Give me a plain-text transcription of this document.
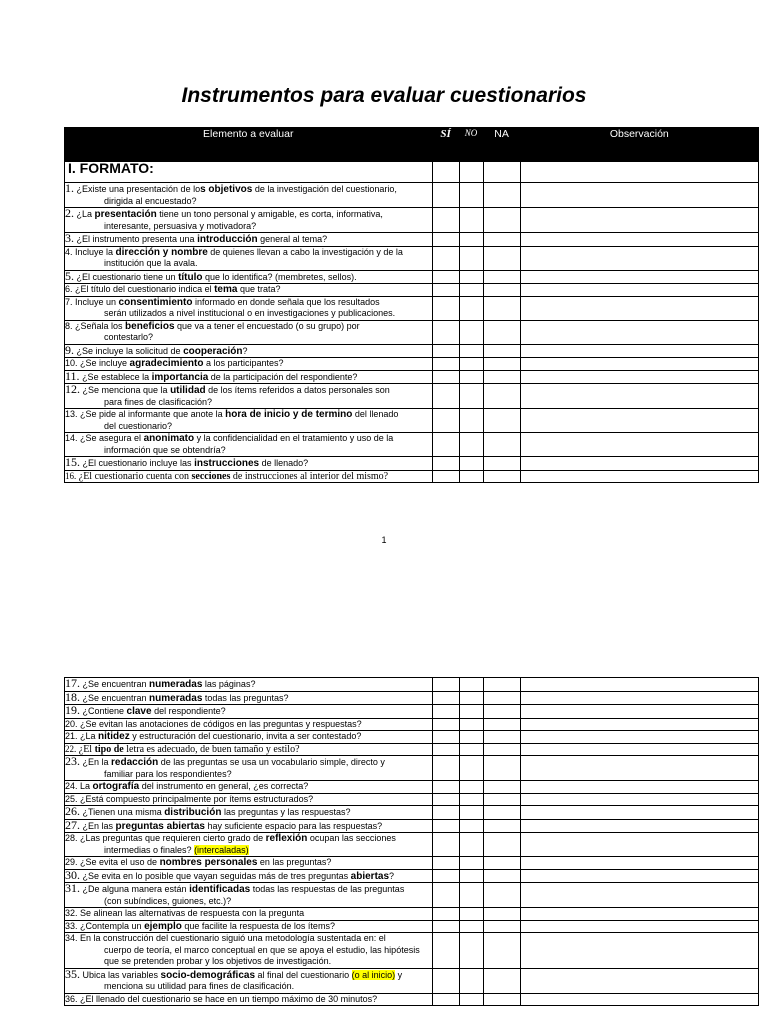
Instrumentos para evaluar cuestionarios
Elemento a evaluar	SÍ	NO	NA	Observación
I. FORMATO:				
1. ¿Existe una presentación de los objetivos de la investigación del cuestionario,
dirigida al encuestado?				

2. ¿La presentación tiene un tono personal y amigable, es corta, informativa,
interesante, persuasiva y motivadora?				

3. ¿El instrumento presenta una introducción general al tema?				
4. Incluye la dirección y nombre de quienes llevan a cabo la investigación y de la
institución que la avala.				

5. ¿El cuestionario tiene un título que lo identifica? (membretes, sellos).				
6. ¿El título del cuestionario indica el tema que trata?				
7. Incluye un consentimiento informado en donde señala que los resultados
serán utilizados a nivel institucional o en investigaciones y publicaciones.				

8. ¿Señala los beneficios que va a tener el encuestado (o su grupo) por
contestarlo?				

9. ¿Se incluye la solicitud de cooperación?				
10. ¿Se incluye agradecimiento a los participantes?				
11. ¿Se establece la importancia de la participación del respondiente?				
12. ¿Se menciona que la utilidad de los ítems referidos a datos personales son
para fines de clasificación?				

13. ¿Se pide al informante que anote la hora de inicio y de termino del llenado
del cuestionario?				

14. ¿Se asegura el anonimato y la confidencialidad en el tratamiento y uso de la
información que se obtendría?				

15. ¿El cuestionario incluye las instrucciones de llenado?				
16. ¿El cuestionario cuenta con secciones de instrucciones al interior del mismo?				
1
17. ¿Se encuentran numeradas las páginas?				
18. ¿Se encuentran numeradas todas las preguntas?				
19. ¿Contiene clave del respondiente?				
20. ¿Se evitan las anotaciones de códigos en las preguntas y respuestas?				
21. ¿La nitidez y estructuración del cuestionario, invita a ser contestado?				
22. ¿El tipo de letra es adecuado, de buen tamaño y estilo?				
23. ¿En la redacción de las preguntas se usa un vocabulario simple, directo y
familiar para los respondientes?				

24. La ortografía del instrumento en general, ¿es correcta?				
25. ¿Está compuesto principalmente por ítems estructurados?				
26. ¿Tienen una misma distribución las preguntas y las respuestas?				
27. ¿En las preguntas abiertas hay suficiente espacio para las respuestas?				
28. ¿Las preguntas que requieren cierto grado de reflexión ocupan las secciones
intermedias o finales? (intercaladas)				

29. ¿Se evita el uso de nombres personales en las preguntas?				
30. ¿Se evita en lo posible que vayan seguidas más de tres preguntas abiertas?				
31. ¿De alguna manera están identificadas todas las respuestas de las preguntas
(con subíndices, guiones, etc.)?				

32. Se alinean las alternativas de respuesta con la pregunta				
33. ¿Contempla un ejemplo que facilite la respuesta de los ítems?				
34. En la construcción del cuestionario siguió una metodología sustentada en: el
cuerpo de teoría, el marco conceptual en que se apoya el estudio, las hipótesis que se pretenden probar y los objetivos de investigación.				

35. Ubica las variables socio-demográficas al final del cuestionario (o al inicio) y
menciona su utilidad para fines de clasificación.				

36. ¿El llenado del cuestionario se hace en un tiempo máximo de 30 minutos?				
